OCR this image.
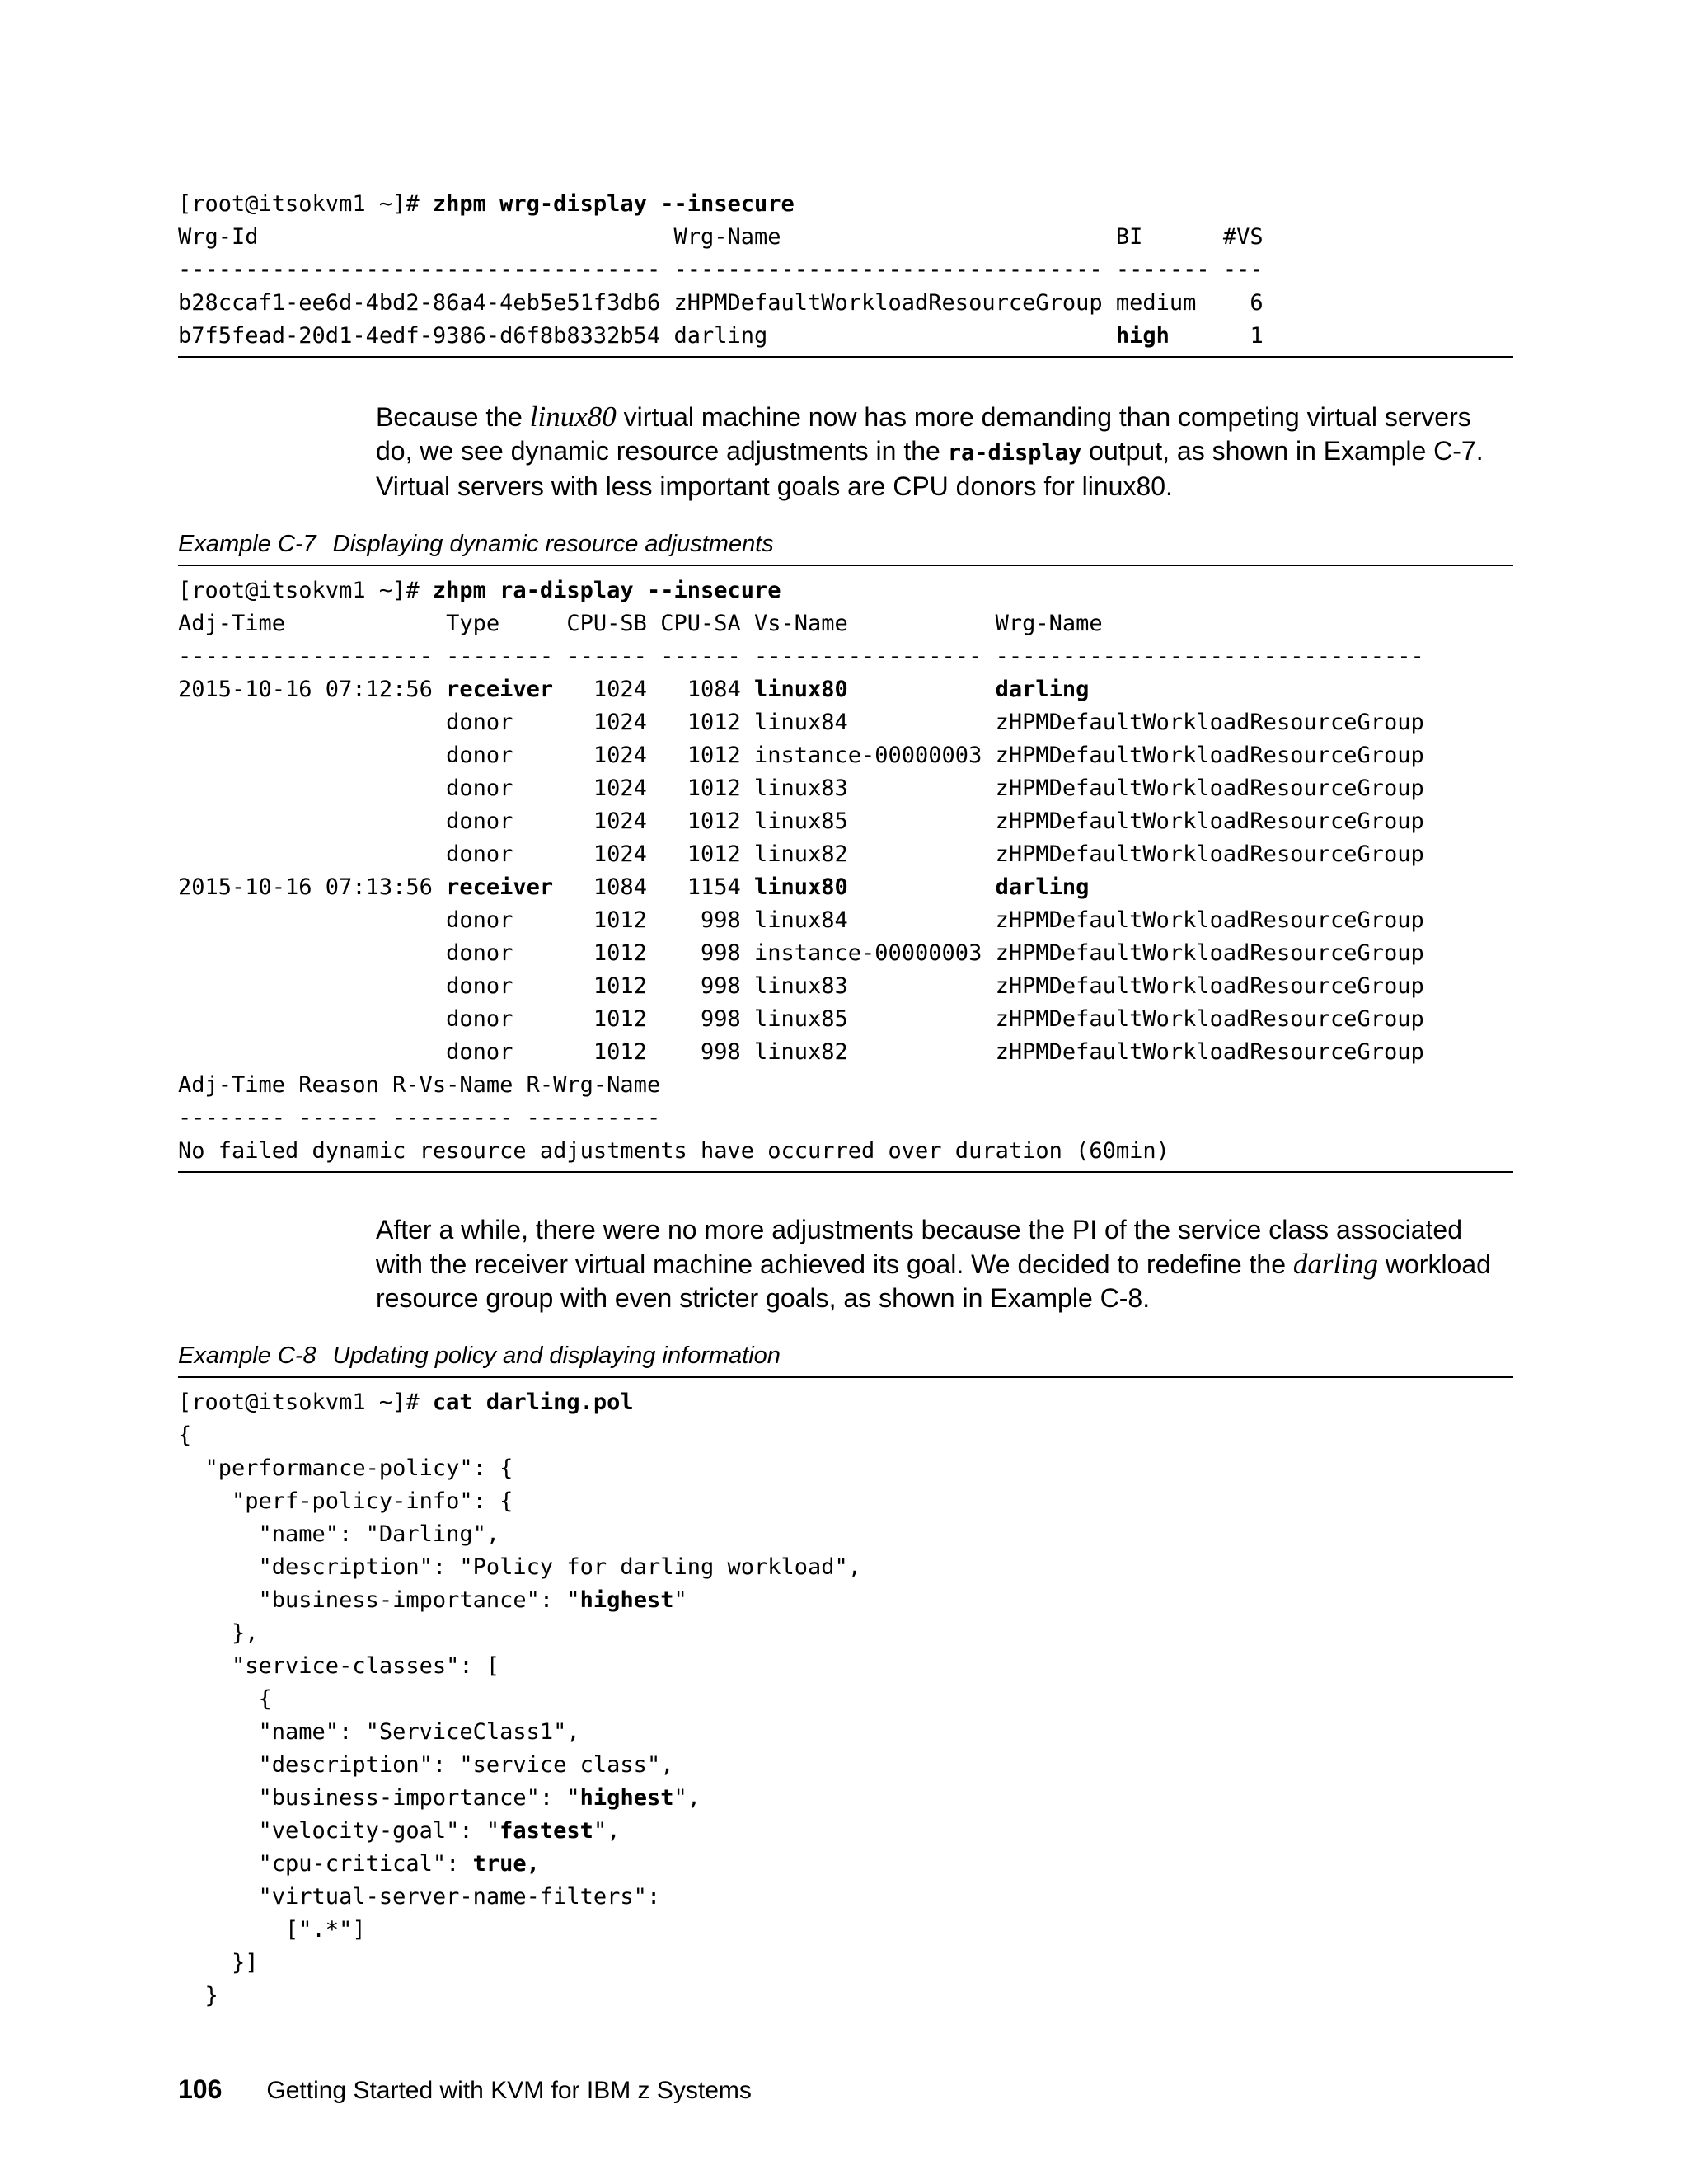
[root@itsokvm1 ~]# zhpm wrg-display --insecure
Wrg-Id                               Wrg-Name                         BI      #VS
------------------------------------ -------------------------------- ------- ---
b28ccaf1-ee6d-4bd2-86a4-4eb5e51f3db6 zHPMDefaultWorkloadResourceGroup medium    6
b7f5fead-20d1-4edf-9386-d6f8b8332b54 darling                          high      1
Because the linux80 virtual machine now has more demanding than competing virtual servers do, we see dynamic resource adjustments in the ra-display output, as shown in Example C-7. Virtual servers with less important goals are CPU donors for linux80.
Example C-7 Displaying dynamic resource adjustments
[root@itsokvm1 ~]# zhpm ra-display --insecure
Adj-Time            Type     CPU-SB CPU-SA Vs-Name           Wrg-Name
------------------- -------- ------ ------ ----------------- --------------------------------
2015-10-16 07:12:56 receiver   1024   1084 linux80	darling
donor      1024   1012 linux84           zHPMDefaultWorkloadResourceGroup
donor      1024   1012 instance-00000003 zHPMDefaultWorkloadResourceGroup
donor      1024   1012 linux83           zHPMDefaultWorkloadResourceGroup
donor      1024   1012 linux85           zHPMDefaultWorkloadResourceGroup
donor      1024   1012 linux82           zHPMDefaultWorkloadResourceGroup
2015-10-16 07:13:56 receiver   1084   1154 linux80	darling
donor      1012    998 linux84           zHPMDefaultWorkloadResourceGroup
donor      1012    998 instance-00000003 zHPMDefaultWorkloadResourceGroup
donor      1012    998 linux83           zHPMDefaultWorkloadResourceGroup
donor      1012    998 linux85           zHPMDefaultWorkloadResourceGroup
donor      1012    998 linux82           zHPMDefaultWorkloadResourceGroup
Adj-Time Reason R-Vs-Name R-Wrg-Name
-------- ------ --------- ----------
No failed dynamic resource adjustments have occurred over duration (60min)
After a while, there were no more adjustments because the PI of the service class associated with the receiver virtual machine achieved its goal. We decided to redefine the darling workload resource group with even stricter goals, as shown in Example C-8.
Example C-8 Updating policy and displaying information
[root@itsokvm1 ~]# cat darling.pol
{
"performance-policy": {
"perf-policy-info": {
"name": "Darling",
"description": "Policy for darling workload",
"business-importance": "highest"
},
"service-classes": [
{
"name": "ServiceClass1",
"description": "service class",
"business-importance": "highest",
"velocity-goal": "fastest",
"cpu-critical": true,
"virtual-server-name-filters":
[".*"]
}]
}
106 Getting Started with KVM for IBM z Systems
